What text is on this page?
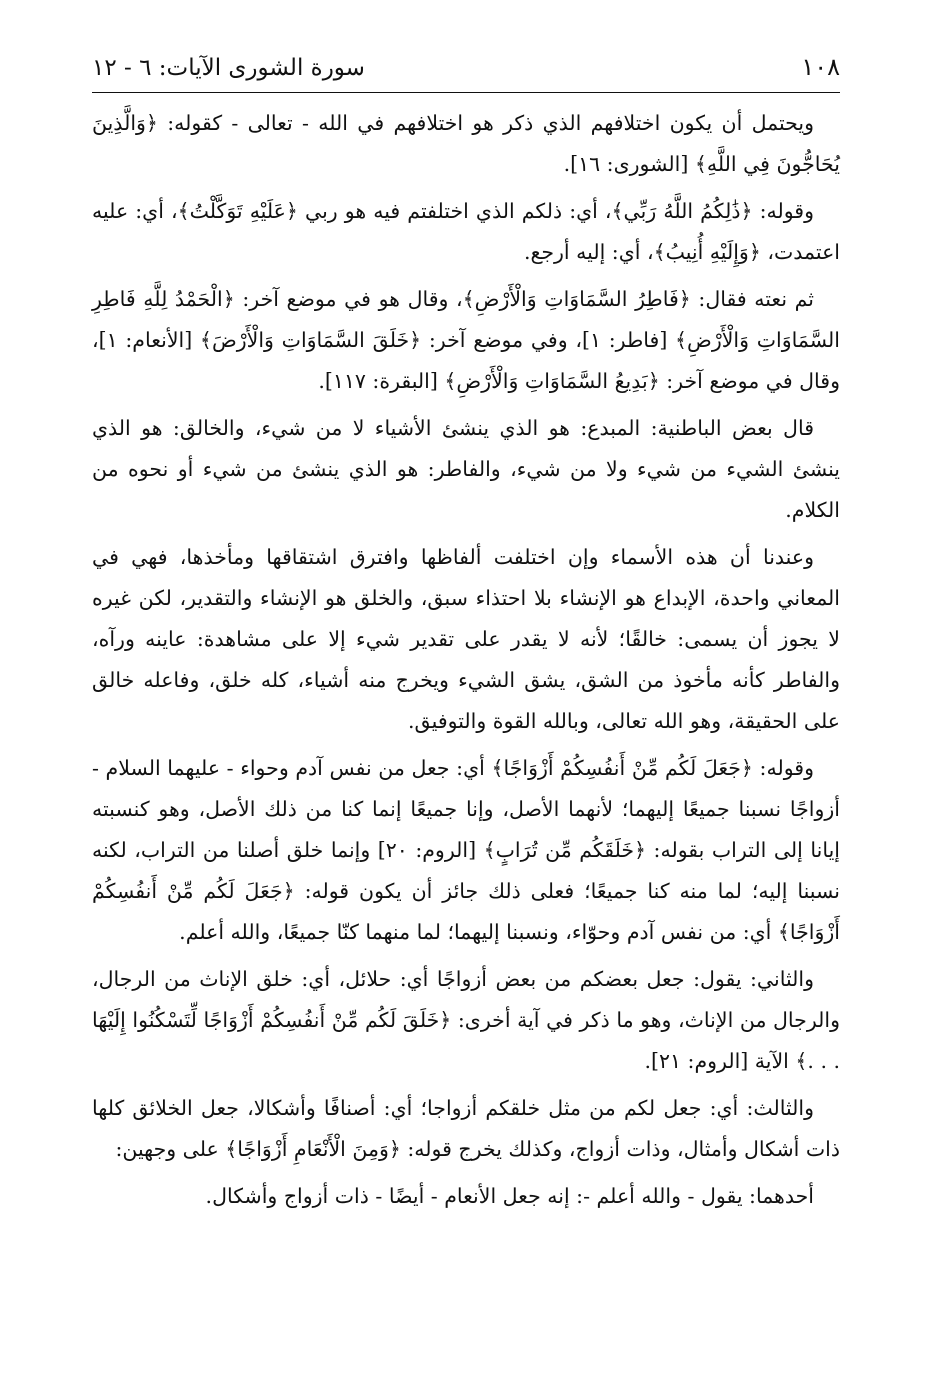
١٠٨
سورة الشورى الآيات: ٦ - ١٢

ويحتمل أن يكون اختلافهم الذي ذكر هو اختلافهم في الله - تعالى - كقوله: ﴿وَالَّذِينَ يُحَاجُّونَ فِي اللَّهِ﴾ [الشورى: ١٦].

وقوله: ﴿ذَٰلِكُمُ اللَّهُ رَبِّي﴾، أي: ذلكم الذي اختلفتم فيه هو ربي ﴿عَلَيْهِ تَوَكَّلْتُ﴾، أي: عليه اعتمدت، ﴿وَإِلَيْهِ أُنِيبُ﴾، أي: إليه أرجع.

ثم نعته فقال: ﴿فَاطِرُ السَّمَاوَاتِ وَالْأَرْضِ﴾، وقال هو في موضع آخر: ﴿الْحَمْدُ لِلَّهِ فَاطِرِ السَّمَاوَاتِ وَالْأَرْضِ﴾ [فاطر: ١]، وفي موضع آخر: ﴿خَلَقَ السَّمَاوَاتِ وَالْأَرْضَ﴾ [الأنعام: ١]، وقال في موضع آخر: ﴿بَدِيعُ السَّمَاوَاتِ وَالْأَرْضِ﴾ [البقرة: ١١٧].

قال بعض الباطنية: المبدع: هو الذي ينشئ الأشياء لا من شيء، والخالق: هو الذي ينشئ الشيء من شيء ولا من شيء، والفاطر: هو الذي ينشئ من شيء أو نحوه من الكلام.

وعندنا أن هذه الأسماء وإن اختلفت ألفاظها وافترق اشتقاقها ومأخذها، فهي في المعاني واحدة، الإبداع هو الإنشاء بلا احتذاء سبق، والخلق هو الإنشاء والتقدير، لكن غيره لا يجوز أن يسمى: خالقًا؛ لأنه لا يقدر على تقدير شيء إلا على مشاهدة: عاينه ورآه، والفاطر كأنه مأخوذ من الشق، يشق الشيء ويخرج منه أشياء، كله خلق، وفاعله خالق على الحقيقة، وهو الله تعالى، وبالله القوة والتوفيق.

وقوله: ﴿جَعَلَ لَكُم مِّنْ أَنفُسِكُمْ أَزْوَاجًا﴾ أي: جعل من نفس آدم وحواء - عليهما السلام - أزواجًا نسبنا جميعًا إليهما؛ لأنهما الأصل، وإنا جميعًا إنما كنا من ذلك الأصل، وهو كنسبته إيانا إلى التراب بقوله: ﴿خَلَقَكُم مِّن تُرَابٍ﴾ [الروم: ٢٠] وإنما خلق أصلنا من التراب، لكنه نسبنا إليه؛ لما منه كنا جميعًا؛ فعلى ذلك جائز أن يكون قوله: ﴿جَعَلَ لَكُم مِّنْ أَنفُسِكُمْ أَزْوَاجًا﴾ أي: من نفس آدم وحوّاء، ونسبنا إليهما؛ لما منهما كنّا جميعًا، والله أعلم.

والثاني: يقول: جعل بعضكم من بعض أزواجًا أي: حلائل، أي: خلق الإناث من الرجال، والرجال من الإناث، وهو ما ذكر في آية أخرى: ﴿خَلَقَ لَكُم مِّنْ أَنفُسِكُمْ أَزْوَاجًا لِّتَسْكُنُوا إِلَيْهَا . . .﴾ الآية [الروم: ٢١].

والثالث: أي: جعل لكم من مثل خلقكم أزواجا؛ أي: أصنافًا وأشكالا، جعل الخلائق كلها ذات أشكال وأمثال، وذات أزواج، وكذلك يخرج قوله: ﴿وَمِنَ الْأَنْعَامِ أَزْوَاجًا﴾ على وجهين:

أحدهما: يقول - والله أعلم -: إنه جعل الأنعام - أيضًا - ذات أزواج وأشكال.
